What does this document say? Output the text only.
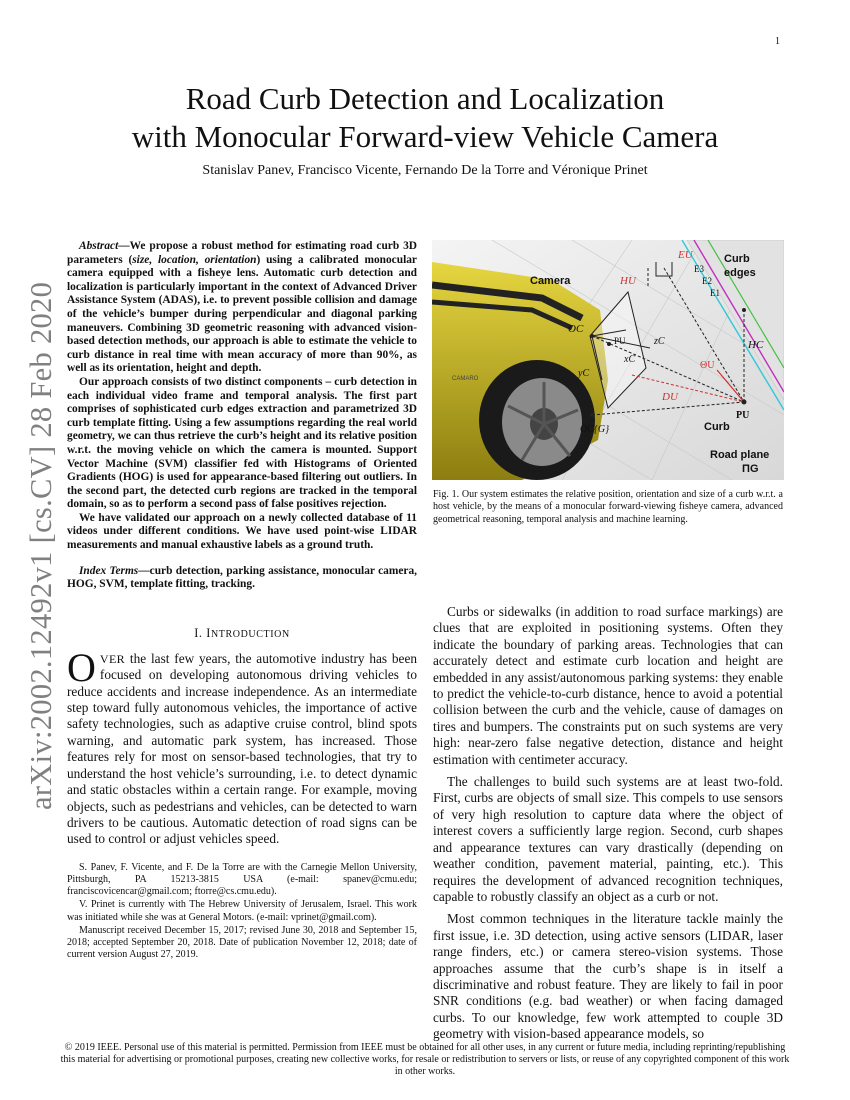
1
arXiv:2002.12492v1 [cs.CV] 28 Feb 2020
Road Curb Detection and Localization
with Monocular Forward-view Vehicle Camera
Stanislav Panev, Francisco Vicente, Fernando De la Torre and Véronique Prinet

Abstract—We propose a robust method for estimating road curb 3D parameters (size, location, orientation) using a calibrated monocular camera equipped with a fisheye lens. Automatic curb detection and localization is particularly important in the context of Advanced Driver Assistance System (ADAS), i.e. to prevent possible collision and damage of the vehicle’s bumper during perpendicular and diagonal parking maneuvers. Combining 3D geometric reasoning with advanced vision-based detection methods, our approach is able to estimate the vehicle to curb distance in real time with mean accuracy of more than 90%, as well as its orientation, height and depth.

Our approach consists of two distinct components – curb detection in each individual video frame and temporal analysis. The first part comprises of sophisticated curb edges extraction and parametrized 3D curb template fitting. Using a few assumptions regarding the real world geometry, we can thus retrieve the curb’s height and its relative position w.r.t. the moving vehicle on which the camera is mounted. Support Vector Machine (SVM) classifier fed with Histograms of Oriented Gradients (HOG) is used for appearance-based filtering out outliers. In the second part, the detected curb regions are tracked in the temporal domain, so as to perform a second pass of false positives rejection.

We have validated our approach on a newly collected database of 11 videos under different conditions. We have used point-wise LIDAR measurements and manual exhaustive labels as a ground truth.

Index Terms—curb detection, parking assistance, monocular camera, HOG, SVM, template fitting, tracking.

I. INTRODUCTION

OVER the last few years, the automotive industry has been focused on developing autonomous driving vehicles to reduce accidents and increase independence. As an intermediate step toward fully autonomous vehicles, the importance of active safety technologies, such as adaptive cruise control, blind spots warning, and automatic park system, has increased. Those features rely for most on sensor-based technologies, that try to understand the host vehicle’s surrounding, i.e. to detect dynamic and static obstacles within a certain range. For example, moving objects, such as pedestrians and vehicles, can be detected to warn drivers to be cautious. Automatic detection of road signs can be used to control or adjust vehicles speed.

S. Panev, F. Vicente, and F. De la Torre are with the Carnegie Mellon University, Pittsburgh, PA 15213-3815 USA (e-mail: spanev@cmu.edu; franciscovicencar@gmail.com; ftorre@cs.cmu.edu).

V. Prinet is currently with The Hebrew University of Jerusalem, Israel. This work was initiated while she was at General Motors. (e-mail: vprinet@gmail.com).

Manuscript received December 15, 2017; revised June 30, 2018 and September 15, 2018; accepted September 20, 2018. Date of publication November 12, 2018; date of current version August 27, 2019.

CAMARO
Camera
Curb
edges
Curb
Road plane
ΠG
EU
E3
E2
E1
HU
HC
OC
PU
PU
xC
yC
zC
ΘU
DU
OC{G}
Fig. 1. Our system estimates the relative position, orientation and size of a curb w.r.t. a host vehicle, by the means of a monocular forward-viewing fisheye camera, advanced geometrical reasoning, temporal analysis and machine learning.

Curbs or sidewalks (in addition to road surface markings) are clues that are exploited in positioning systems. Often they indicate the boundary of parking areas. Technologies that can accurately detect and estimate curb location and height are embedded in any assist/autonomous parking systems: they enable to predict the vehicle-to-curb distance, hence to avoid a potential collision between the curb and the vehicle, cause of damages on tires and bumpers. The constraints put on such systems are very high: near-zero false negative detection, distance and height estimation with centimeter accuracy.

The challenges to build such systems are at least two-fold. First, curbs are objects of small size. This compels to use sensors of very high resolution to capture data where the object of interest covers a sufficiently large region. Second, curb shapes and appearance textures can vary drastically (depending on weather condition, pavement material, painting, etc.). This requires the development of advanced recognition techniques, capable to robustly classify an object as a curb or not.

Most common techniques in the literature tackle mainly the first issue, i.e. 3D detection, using active sensors (LIDAR, laser range finders, etc.) or camera stereo-vision systems. Those approaches assume that the curb’s shape is in itself a discriminative and robust feature. They are likely to fail in poor SNR conditions (e.g. bad weather) or when facing damaged curbs. To our knowledge, few work attempted to couple 3D geometry with vision-based appearance models, so

© 2019 IEEE. Personal use of this material is permitted. Permission from IEEE must be obtained for all other uses, in any current or future media, including reprinting/republishing this material for advertising or promotional purposes, creating new collective works, for resale or redistribution to servers or lists, or reuse of any copyrighted component of this work in other works.
